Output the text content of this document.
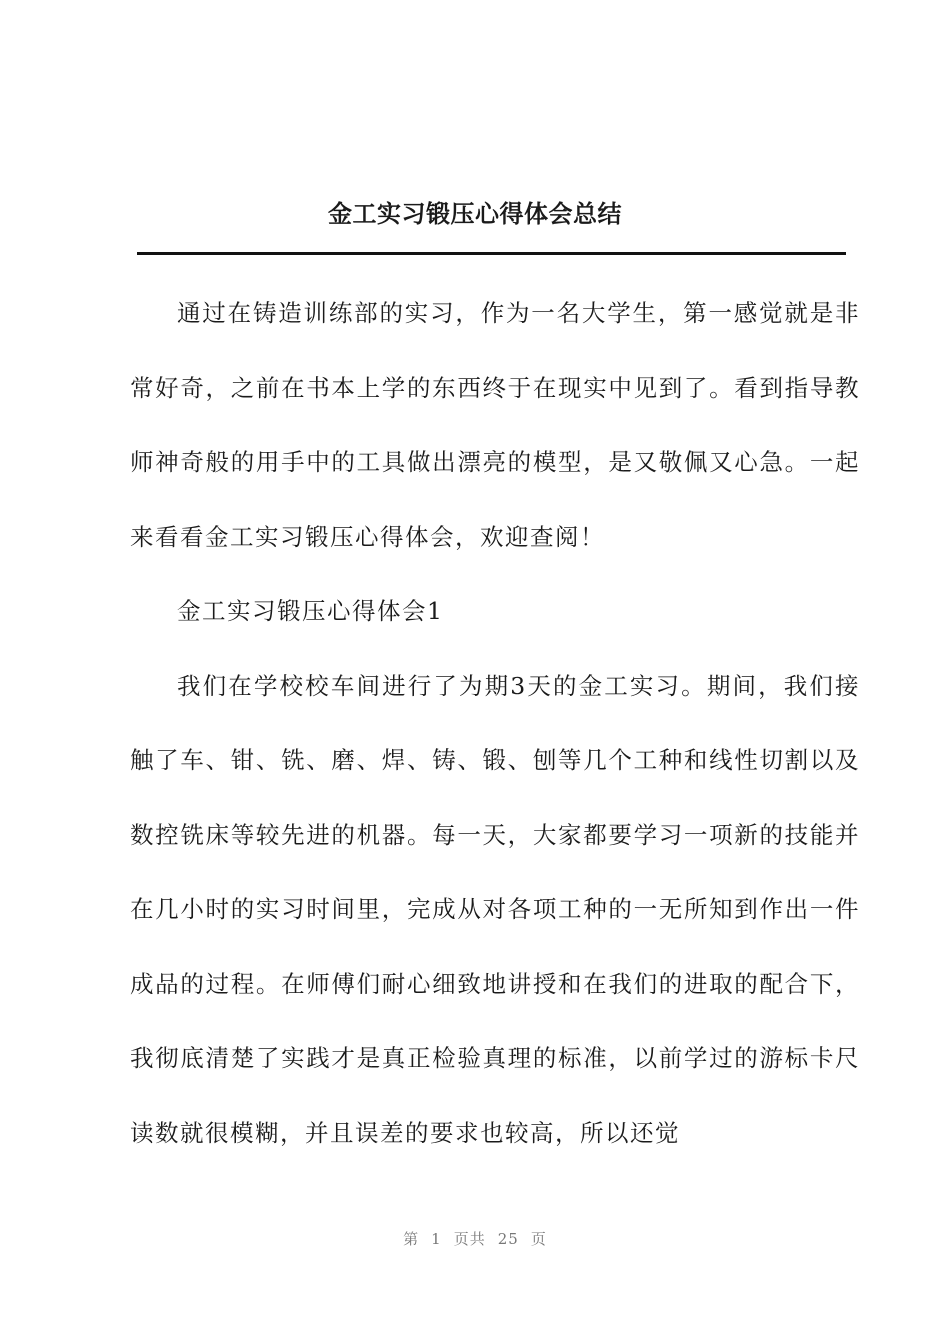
金工实习锻压心得体会总结

通过在铸造训练部的实习，作为一名大学生，第一感觉就是非常好奇，之前在书本上学的东西终于在现实中见到了。看到指导教师神奇般的用手中的工具做出漂亮的模型，是又敬佩又心急。一起来看看金工实习锻压心得体会，欢迎查阅！

金工实习锻压心得体会1

我们在学校校车间进行了为期3天的金工实习。期间，我们接触了车、钳、铣、磨、焊、铸、锻、刨等几个工种和线性切割以及数控铣床等较先进的机器。每一天，大家都要学习一项新的技能并在几小时的实习时间里，完成从对各项工种的一无所知到作出一件成品的过程。在师傅们耐心细致地讲授和在我们的进取的配合下，我彻底清楚了实践才是真正检验真理的标准，以前学过的游标卡尺读数就很模糊，并且误差的要求也较高，所以还觉

第 1 页共 25 页
